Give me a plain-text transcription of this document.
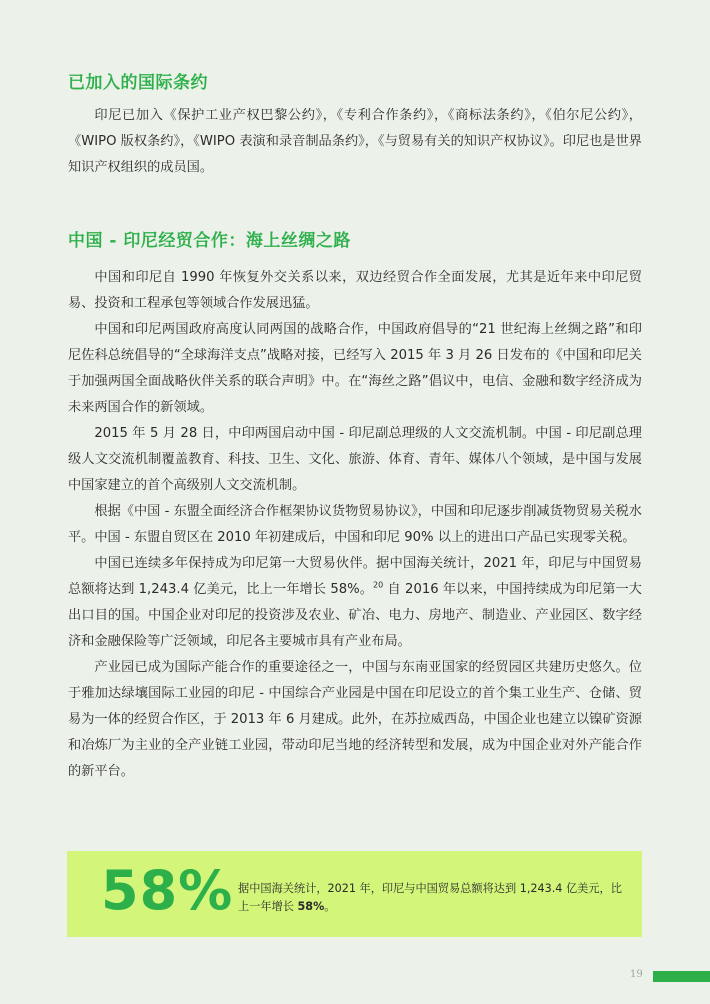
已加入的国际条约

印尼已加入《保护工业产权巴黎公约》，《专利合作条约》，《商标法条约》，《伯尔尼公约》，《WIPO 版权条约》，《WIPO 表演和录音制品条约》，《与贸易有关的知识产权协议》。印尼也是世界知识产权组织的成员国。

中国 - 印尼经贸合作：海上丝绸之路

中国和印尼自 1990 年恢复外交关系以来，双边经贸合作全面发展，尤其是近年来中印尼贸易、投资和工程承包等领域合作发展迅猛。

中国和印尼两国政府高度认同两国的战略合作，中国政府倡导的“21 世纪海上丝绸之路”和印尼佐科总统倡导的“全球海洋支点”战略对接，已经写入 2015 年 3 月 26 日发布的《中国和印尼关于加强两国全面战略伙伴关系的联合声明》中。在“海丝之路”倡议中，电信、金融和数字经济成为未来两国合作的新领域。

2015 年 5 月 28 日，中印两国启动中国 - 印尼副总理级的人文交流机制。中国 - 印尼副总理级人文交流机制覆盖教育、科技、卫生、文化、旅游、体育、青年、媒体八个领域，是中国与发展中国家建立的首个高级别人文交流机制。

根据《中国 - 东盟全面经济合作框架协议货物贸易协议》，中国和印尼逐步削减货物贸易关税水平。中国 - 东盟自贸区在 2010 年初建成后，中国和印尼 90% 以上的进出口产品已实现零关税。

中国已连续多年保持成为印尼第一大贸易伙伴。据中国海关统计，2021 年，印尼与中国贸易总额将达到 1,243.4 亿美元，比上一年增长 58%。$^{20}$ 自 2016 年以来，中国持续成为印尼第一大出口目的国。中国企业对印尼的投资涉及农业、矿冶、电力、房地产、制造业、产业园区、数字经济和金融保险等广泛领域，印尼各主要城市具有产业布局。

产业园已成为国际产能合作的重要途径之一，中国与东南亚国家的经贸园区共建历史悠久。位于雅加达绿壤国际工业园的印尼 - 中国综合产业园是中国在印尼设立的首个集工业生产、仓储、贸易为一体的经贸合作区，于 2013 年 6 月建成。此外，在苏拉威西岛，中国企业也建立以镍矿资源和冶炼厂为主业的全产业链工业园，带动印尼当地的经济转型和发展，成为中国企业对外产能合作的新平台。

58% 据中国海关统计，2021 年，印尼与中国贸易总额将达到 1,243.4 亿美元，比上一年增长 58%。
19
